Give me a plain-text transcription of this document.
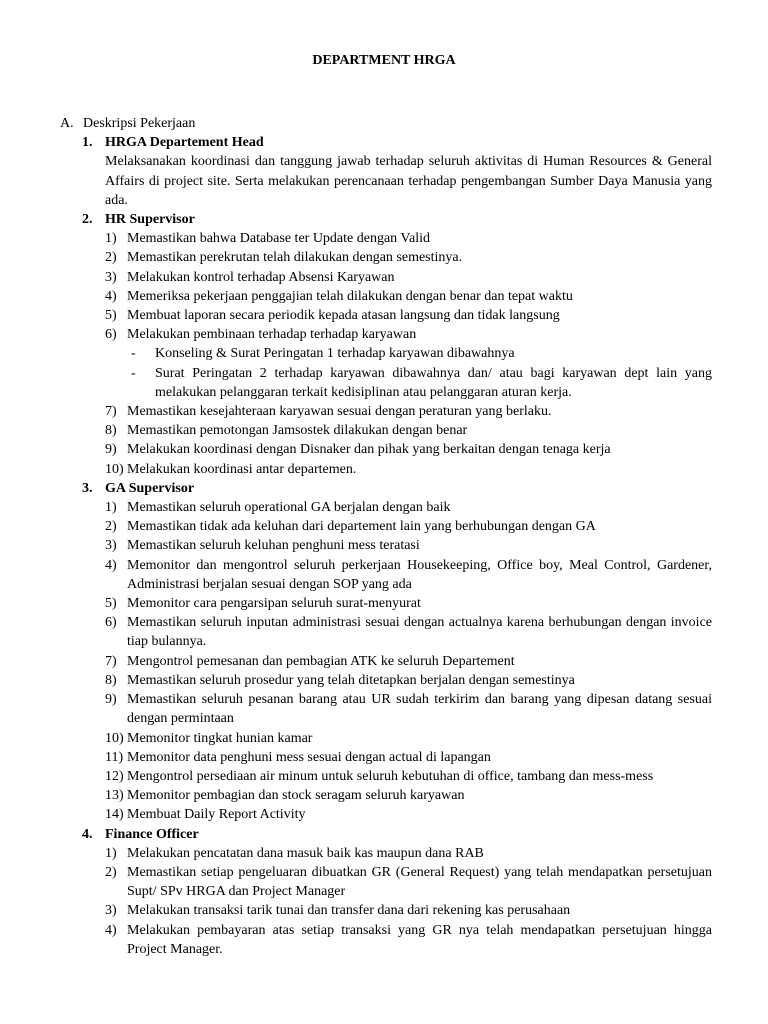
DEPARTMENT HRGA
A. Deskripsi Pekerjaan
1. HRGA Departement Head
Melaksanakan koordinasi dan tanggung jawab terhadap seluruh aktivitas di Human Resources & General Affairs di project site. Serta melakukan perencanaan terhadap pengembangan Sumber Daya Manusia yang ada.
2. HR Supervisor
1) Memastikan bahwa Database ter Update dengan Valid
2) Memastikan perekrutan telah dilakukan dengan semestinya.
3) Melakukan kontrol terhadap Absensi Karyawan
4) Memeriksa pekerjaan penggajian telah dilakukan dengan benar dan tepat waktu
5) Membuat laporan secara periodik kepada atasan langsung dan tidak langsung
6) Melakukan pembinaan terhadap terhadap karyawan
-	Konseling & Surat Peringatan 1 terhadap karyawan dibawahnya
-	Surat Peringatan 2 terhadap karyawan dibawahnya dan/ atau bagi karyawan dept lain yang melakukan pelanggaran terkait kedisiplinan atau pelanggaran aturan kerja.
7) Memastikan kesejahteraan karyawan sesuai dengan peraturan yang berlaku.
8) Memastikan pemotongan Jamsostek dilakukan dengan benar
9) Melakukan koordinasi dengan Disnaker dan pihak yang berkaitan dengan tenaga kerja
10) Melakukan koordinasi antar departemen.
3. GA Supervisor
1) Memastikan seluruh operational GA berjalan dengan baik
2) Memastikan tidak ada keluhan dari departement lain yang berhubungan dengan GA
3) Memastikan seluruh keluhan penghuni mess teratasi
4) Memonitor dan mengontrol seluruh perkerjaan Housekeeping, Office boy, Meal Control, Gardener, Administrasi berjalan sesuai dengan SOP yang ada
5) Memonitor cara pengarsipan seluruh surat-menyurat
6) Memastikan seluruh inputan administrasi sesuai dengan actualnya karena berhubungan dengan invoice tiap bulannya.
7) Mengontrol pemesanan dan pembagian ATK ke seluruh Departement
8) Memastikan seluruh prosedur yang telah ditetapkan berjalan dengan semestinya
9) Memastikan seluruh pesanan barang atau UR sudah terkirim dan barang yang dipesan datang sesuai dengan permintaan
10) Memonitor tingkat hunian kamar
11) Memonitor data penghuni mess sesuai dengan actual di lapangan
12) Mengontrol persediaan air minum untuk seluruh kebutuhan di office, tambang dan mess-mess
13) Memonitor pembagian dan stock seragam seluruh karyawan
14) Membuat Daily Report Activity
4. Finance Officer
1) Melakukan pencatatan dana masuk baik kas maupun dana RAB
2) Memastikan setiap pengeluaran dibuatkan GR (General Request) yang telah mendapatkan persetujuan Supt/ SPv HRGA dan Project Manager
3) Melakukan transaksi tarik tunai dan transfer dana dari rekening kas perusahaan
4) Melakukan pembayaran atas setiap transaksi yang GR nya telah mendapatkan persetujuan hingga Project Manager.
